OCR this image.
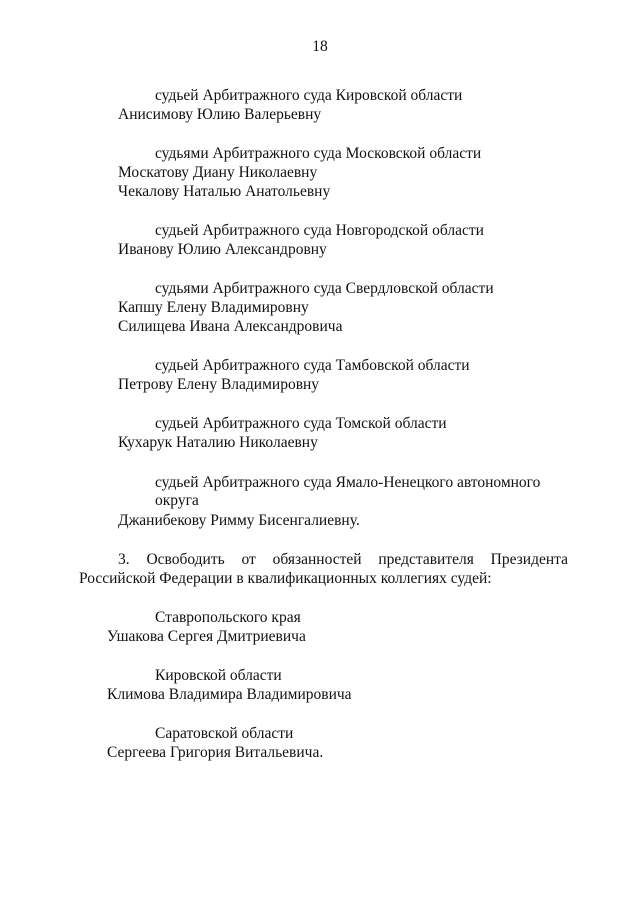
18
судьей Арбитражного суда Кировской области
Анисимову Юлию Валерьевну
судьями Арбитражного суда Московской области
Москатову Диану Николаевну
Чекалову Наталью Анатольевну
судьей Арбитражного суда Новгородской области
Иванову Юлию Александровну
судьями Арбитражного суда Свердловской области
Капшу Елену Владимировну
Силищева Ивана Александровича
судьей Арбитражного суда Тамбовской области
Петрову Елену Владимировну
судьей Арбитражного суда Томской области
Кухарук Наталию Николаевну
судьей Арбитражного суда Ямало-Ненецкого автономного
округа
Джанибекову Римму Бисенгалиевну.
3. Освободить от обязанностей представителя Президента
Российской Федерации в квалификационных коллегиях судей:
Ставропольского края
Ушакова Сергея Дмитриевича
Кировской области
Климова Владимира Владимировича
Саратовской области
Сергеева Григория Витальевича.
